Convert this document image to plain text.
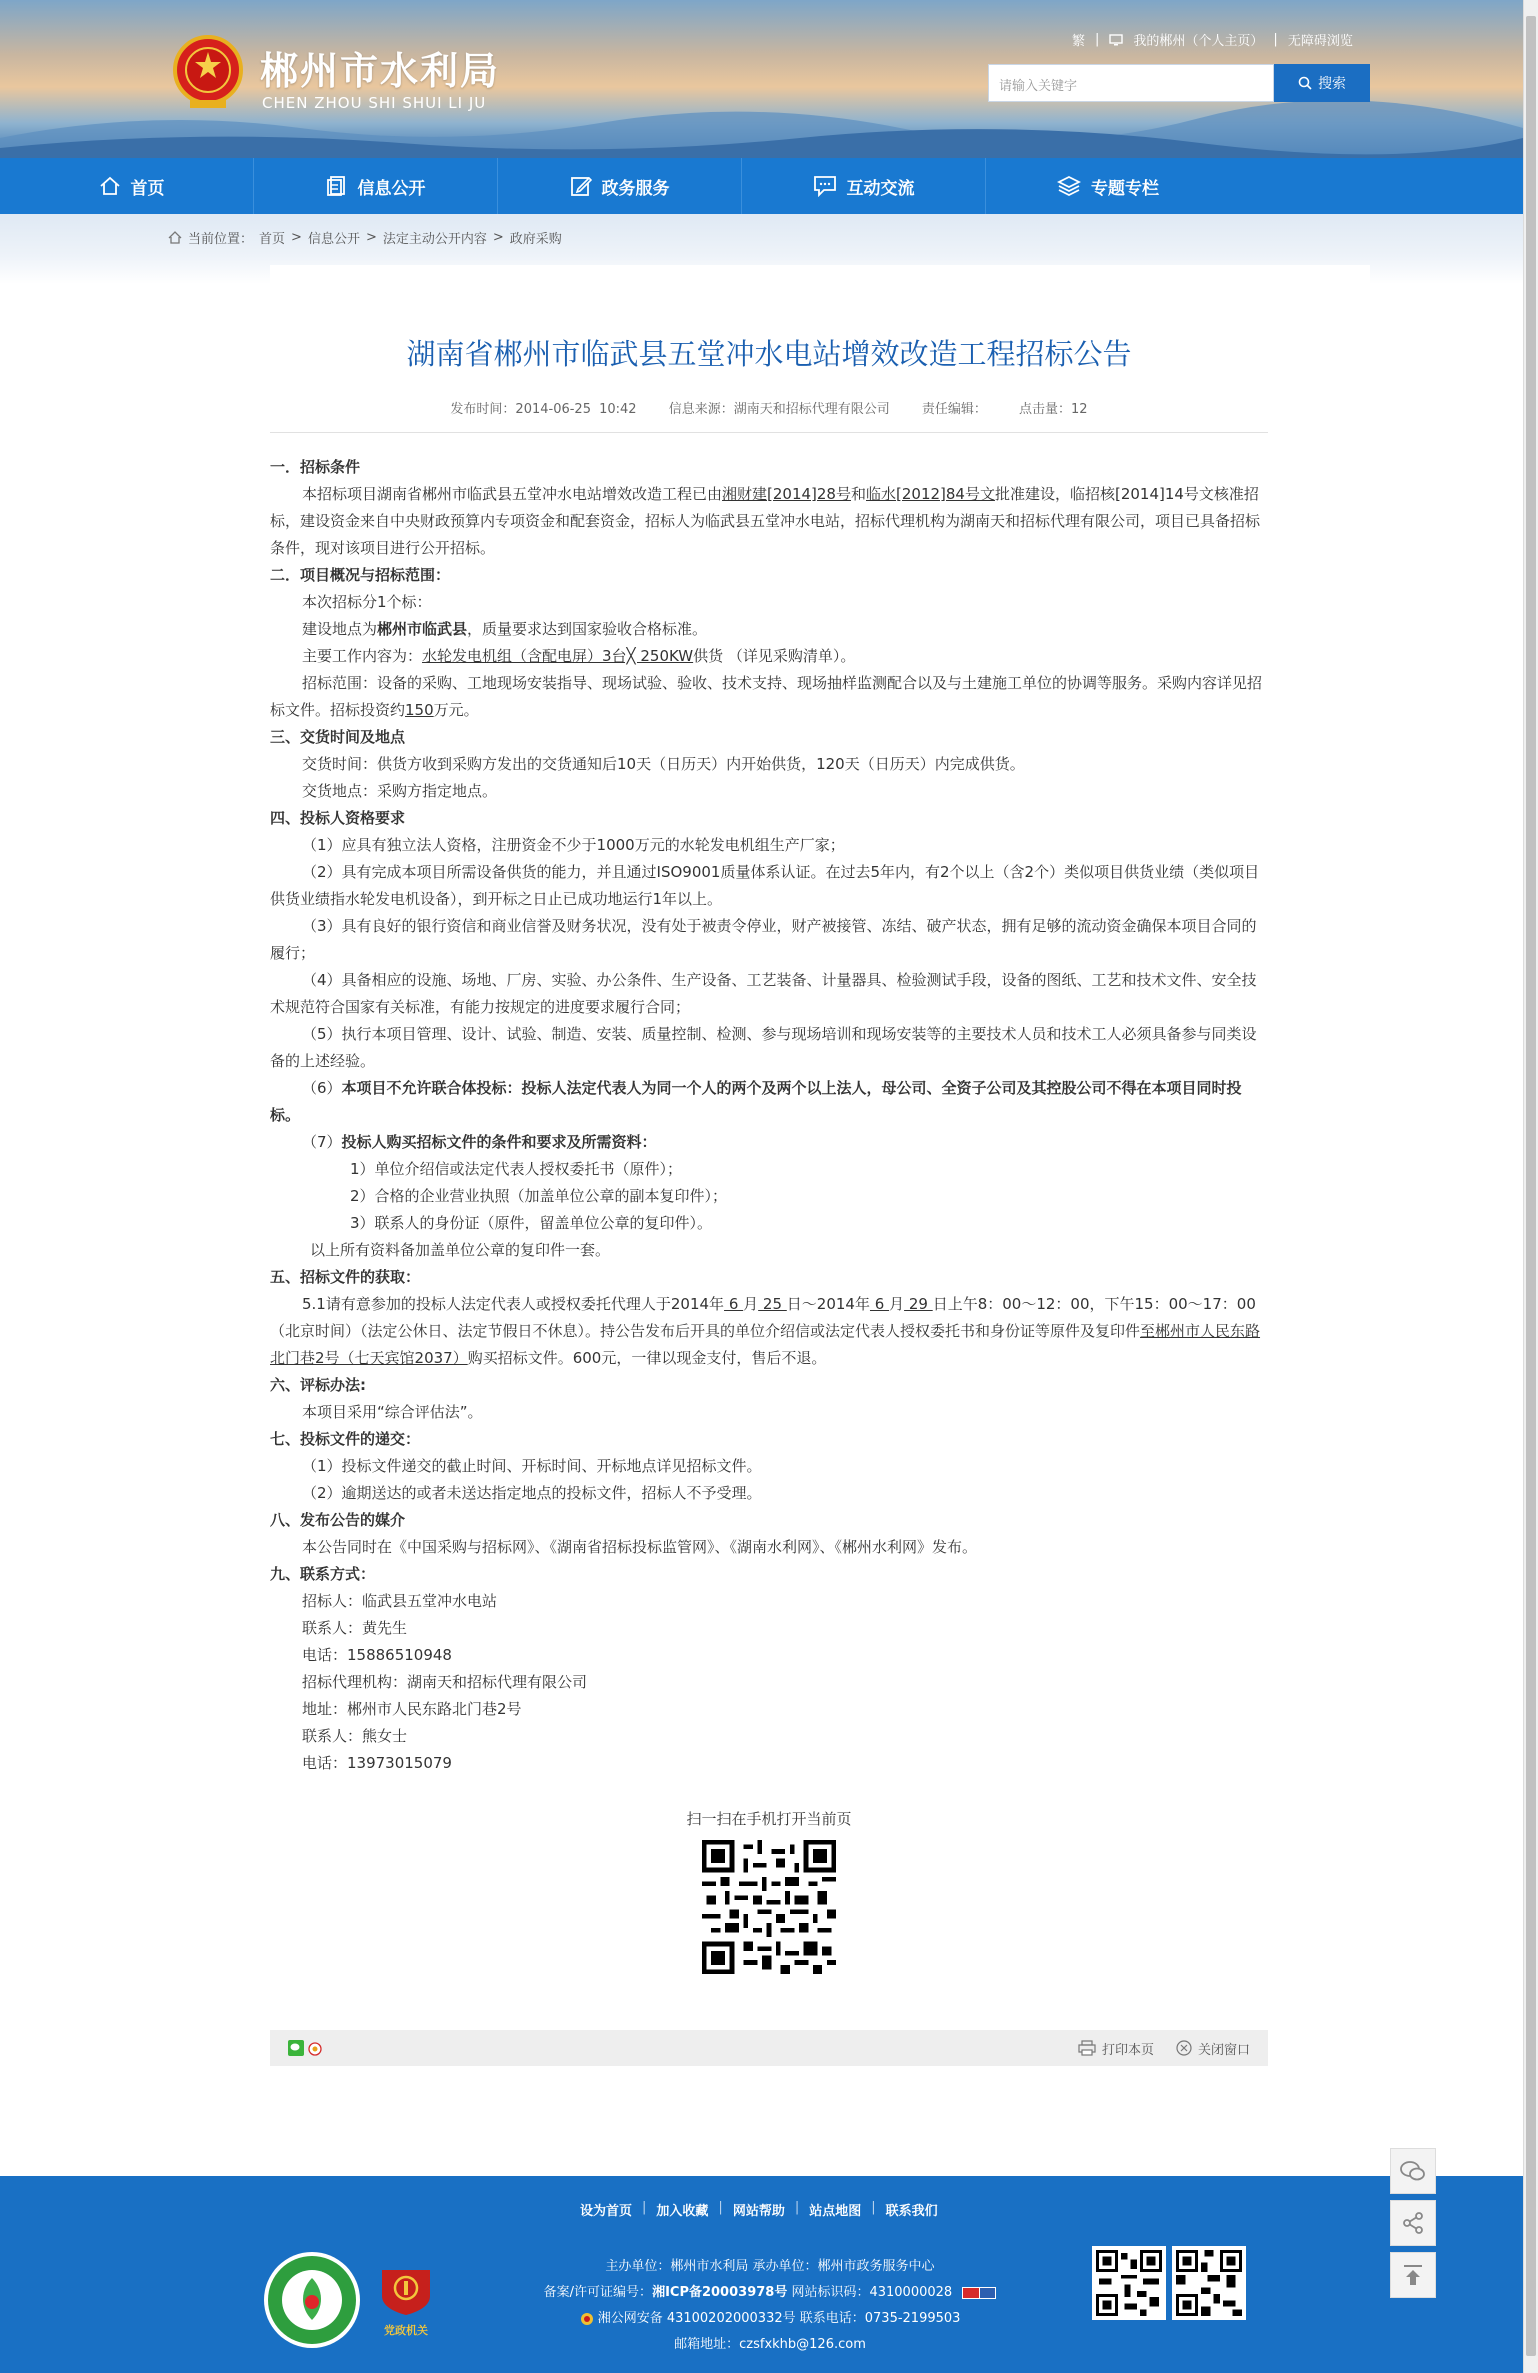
郴州市水利局
CHEN ZHOU SHI SHUI LI JU
繁 |	我的郴州（个人主页） | 无障碍浏览
请输入关键字	搜索
首页	信息公开	政务服务	互动交流	专题专栏
当前位置： 首页 > 信息公开 > 法定主动公开内容 > 政府采购
湖南省郴州市临武县五堂冲水电站增效改造工程招标公告
发布时间：2014-06-25 10:42 信息来源：湖南天和招标代理有限公司 责任编辑： 点击量：12

一．招标条件

本招标项目湖南省郴州市临武县五堂冲水电站增效改造工程已由湘财建[2014]28号和临水[2012]84号文批准建设，临招核[2014]14号文核准招标，建设资金来自中央财政预算内专项资金和配套资金，招标人为临武县五堂冲水电站，招标代理机构为湖南天和招标代理有限公司，项目已具备招标条件，现对该项目进行公开招标。

二．项目概况与招标范围：

本次招标分1个标：

建设地点为郴州市临武县，质量要求达到国家验收合格标准。

主要工作内容为：水轮发电机组（含配电屏）3台╳ 250KW供货 （详见采购清单）。

招标范围：设备的采购、工地现场安装指导、现场试验、验收、技术支持、现场抽样监测配合以及与土建施工单位的协调等服务。采购内容详见招标文件。招标投资约150万元。

三、交货时间及地点

交货时间：供货方收到采购方发出的交货通知后10天（日历天）内开始供货，120天（日历天）内完成供货。

交货地点：采购方指定地点。

四、投标人资格要求

（1）应具有独立法人资格，注册资金不少于1000万元的水轮发电机组生产厂家；

（2）具有完成本项目所需设备供货的能力，并且通过ISO9001质量体系认证。在过去5年内，有2个以上（含2个）类似项目供货业绩（类似项目供货业绩指水轮发电机设备），到开标之日止已成功地运行1年以上。

（3）具有良好的银行资信和商业信誉及财务状况，没有处于被责令停业，财产被接管、冻结、破产状态，拥有足够的流动资金确保本项目合同的履行；

（4）具备相应的设施、场地、厂房、实验、办公条件、生产设备、工艺装备、计量器具、检验测试手段，设备的图纸、工艺和技术文件、安全技术规范符合国家有关标准，有能力按规定的进度要求履行合同；

（5）执行本项目管理、设计、试验、制造、安装、质量控制、检测、参与现场培训和现场安装等的主要技术人员和技术工人必须具备参与同类设备的上述经验。

（6）本项目不允许联合体投标：投标人法定代表人为同一个人的两个及两个以上法人，母公司、全资子公司及其控股公司不得在本项目同时投标。

（7）投标人购买招标文件的条件和要求及所需资料：

1）单位介绍信或法定代表人授权委托书（原件）；

2）合格的企业营业执照（加盖单位公章的副本复印件）；

3）联系人的身份证（原件，留盖单位公章的复印件）。

以上所有资料备加盖单位公章的复印件一套。

五、招标文件的获取：

5.1请有意参加的投标人法定代表人或授权委托代理人于2014年 6 月 25 日～2014年 6 月 29 日上午8：00～12：00，下午15：00～17：00（北京时间）（法定公休日、法定节假日不休息）。持公告发布后开具的单位介绍信或法定代表人授权委托书和身份证等原件及复印件至郴州市人民东路北门巷2号（七天宾馆2037）购买招标文件。600元，一律以现金支付，售后不退。

六、评标办法:

本项目采用“综合评估法”。

七、投标文件的递交：

（1）投标文件递交的截止时间、开标时间、开标地点详见招标文件。

（2）逾期送达的或者未送达指定地点的投标文件，招标人不予受理。

八、发布公告的媒介

本公告同时在《中国采购与招标网》、《湖南省招标投标监管网》、《湖南水利网》、《郴州水利网》发布。

九、联系方式：

招标人：临武县五堂冲水电站

联系人：黄先生

电话：15886510948

招标代理机构：湖南天和招标代理有限公司

地址：郴州市人民东路北门巷2号

联系人：熊女士

电话：13973015079

扫一扫在手机打开当前页
打印本页	关闭窗口
设为首页 | 加入收藏 | 网站帮助 | 站点地图 | 联系我们
党政机关
主办单位：郴州市水利局 承办单位：郴州市政务服务中心
备案/许可证编号：湘ICP备20003978号 网站标识码：4310000028
湘公网安备 43100202000332号 联系电话：0735-2199503
邮箱地址：czsfxkhb@126.com
